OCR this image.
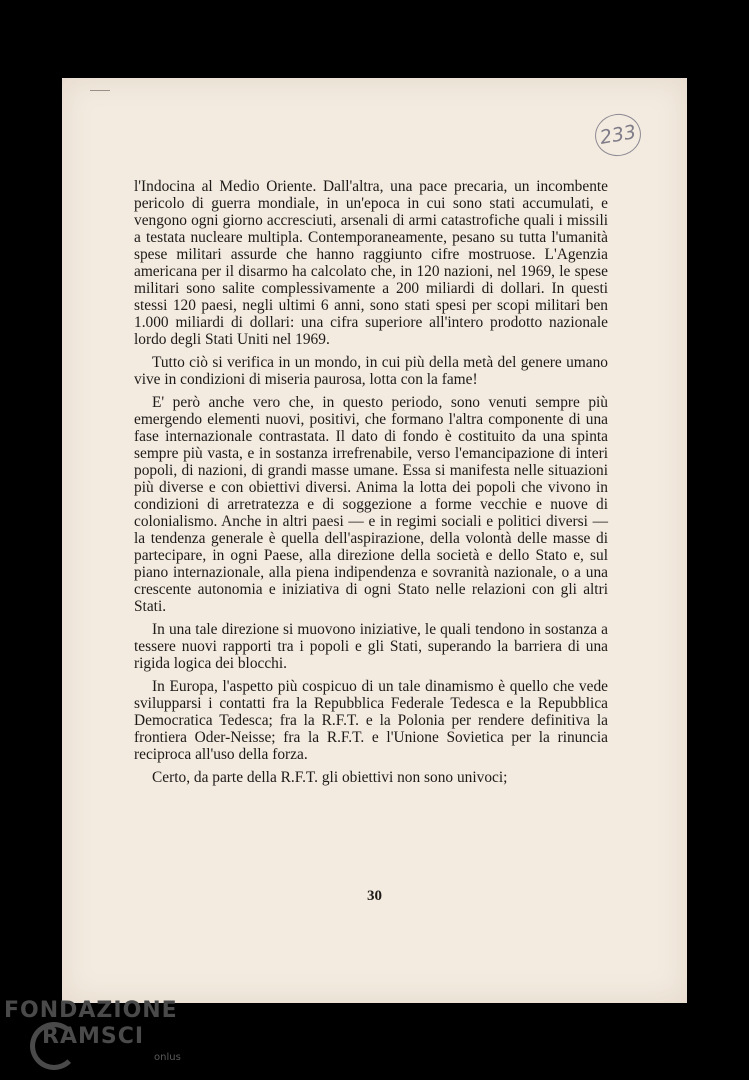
233

l'Indocina al Medio Oriente. Dall'altra, una pace precaria, un incombente pericolo di guerra mondiale, in un'epoca in cui sono stati accumulati, e vengono ogni giorno accresciuti, arsenali di armi catastrofiche quali i missili a testata nucleare multipla. Contemporaneamente, pesano su tutta l'umanità spese militari assurde che hanno raggiunto cifre mostruose. L'Agenzia americana per il disarmo ha calcolato che, in 120 nazioni, nel 1969, le spese militari sono salite complessivamente a 200 miliardi di dollari. In questi stessi 120 paesi, negli ultimi 6 anni, sono stati spesi per scopi militari ben 1.000 miliardi di dollari: una cifra superiore all'intero prodotto nazionale lordo degli Stati Uniti nel 1969.

Tutto ciò si verifica in un mondo, in cui più della metà del genere umano vive in condizioni di miseria paurosa, lotta con la fame!

E' però anche vero che, in questo periodo, sono venuti sempre più emergendo elementi nuovi, positivi, che formano l'altra componente di una fase internazionale contrastata. Il dato di fondo è costituito da una spinta sempre più vasta, e in sostanza irrefrenabile, verso l'emancipazione di interi popoli, di nazioni, di grandi masse umane. Essa si manifesta nelle situazioni più diverse e con obiettivi diversi. Anima la lotta dei popoli che vivono in condizioni di arretratezza e di soggezione a forme vecchie e nuove di colonialismo. Anche in altri paesi — e in regimi sociali e politici diversi — la tendenza generale è quella dell'aspirazione, della volontà delle masse di partecipare, in ogni Paese, alla direzione della società e dello Stato e, sul piano internazionale, alla piena indipendenza e sovranità nazionale, o a una crescente autonomia e iniziativa di ogni Stato nelle relazioni con gli altri Stati.

In una tale direzione si muovono iniziative, le quali tendono in sostanza a tessere nuovi rapporti tra i popoli e gli Stati, superando la barriera di una rigida logica dei blocchi.

In Europa, l'aspetto più cospicuo di un tale dinamismo è quello che vede svilupparsi i contatti fra la Repubblica Federale Tedesca e la Repubblica Democratica Tedesca; fra la R.F.T. e la Polonia per rendere definitiva la frontiera Oder-Neisse; fra la R.F.T. e l'Unione Sovietica per la rinuncia reciproca all'uso della forza.

Certo, da parte della R.F.T. gli obiettivi non sono univoci;

30
FONDAZIONE
RAMSCI
onlus
